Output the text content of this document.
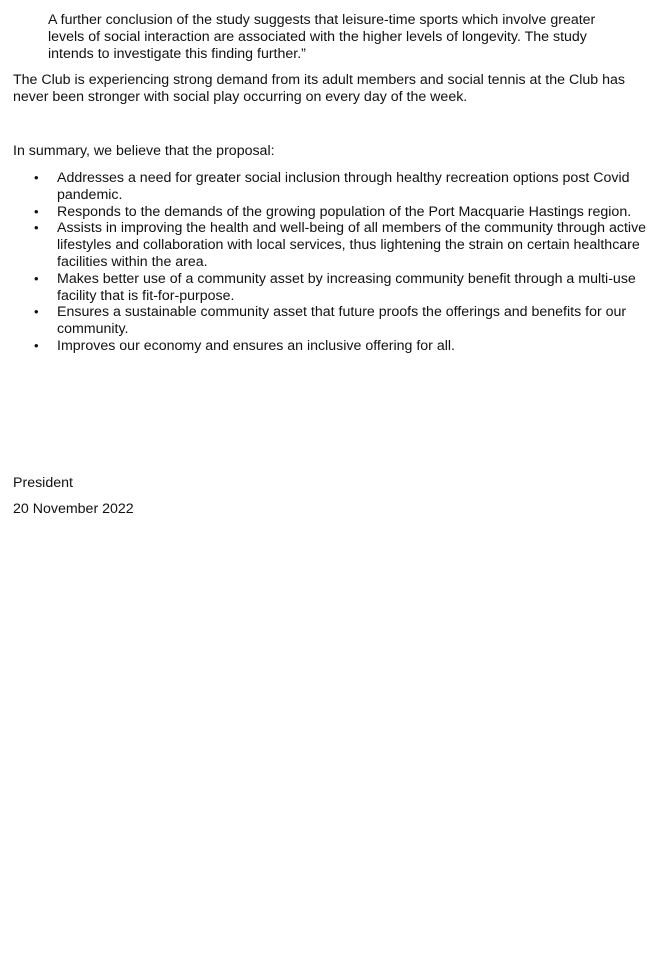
A further conclusion of the study suggests that leisure-time sports which involve greater levels of social interaction are associated with the higher levels of longevity. The study intends to investigate this finding further.”

The Club is experiencing strong demand from its adult members and social tennis at the Club has never been stronger with social play occurring on every day of the week.

In summary, we believe that the proposal:

• Addresses a need for greater social inclusion through healthy recreation options post Covid pandemic.
• Responds to the demands of the growing population of the Port Macquarie Hastings region.
• Assists in improving the health and well-being of all members of the community through active lifestyles and collaboration with local services, thus lightening the strain on certain healthcare facilities within the area.
• Makes better use of a community asset by increasing community benefit through a multi-use facility that is fit-for-purpose.
• Ensures a sustainable community asset that future proofs the offerings and benefits for our community.
• Improves our economy and ensures an inclusive offering for all.

President

20 November 2022
